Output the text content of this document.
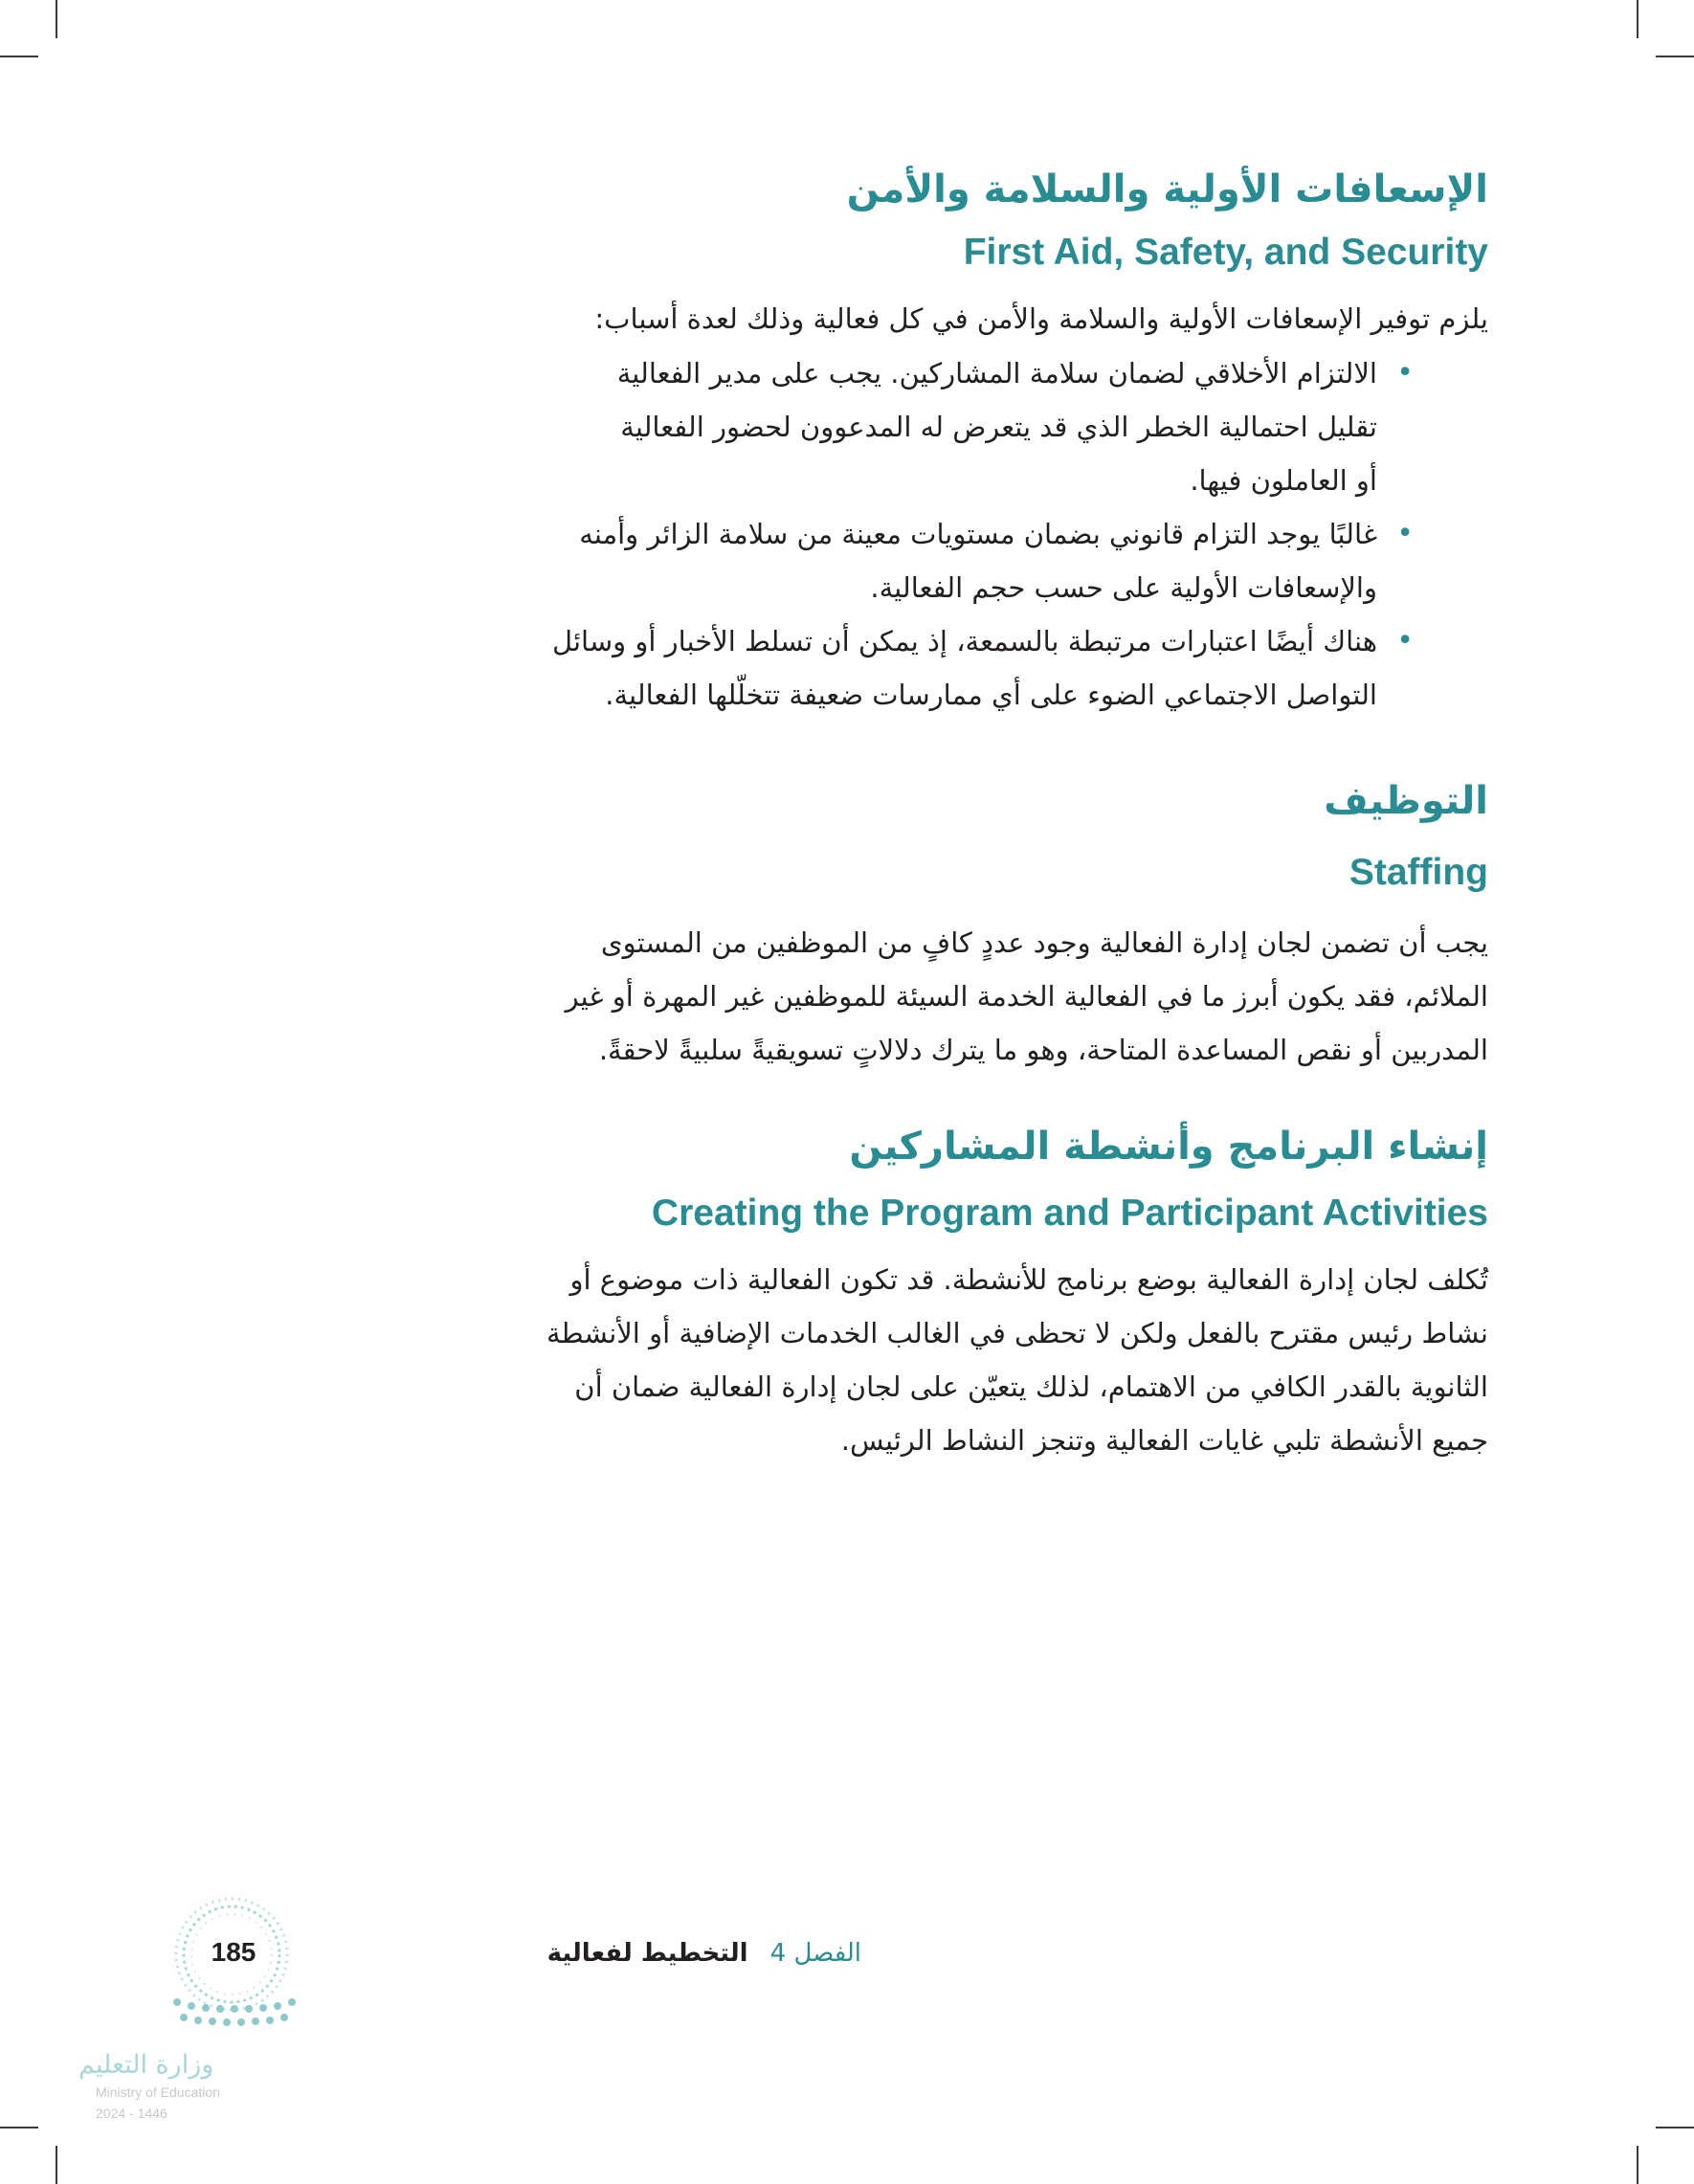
الإسعافات الأولية والسلامة والأمن
First Aid, Safety, and Security

يلزم توفير الإسعافات الأولية والسلامة والأمن في كل فعالية وذلك لعدة أسباب:

•
الالتزام الأخلاقي لضمان سلامة المشاركين. يجب على مدير الفعالية
تقليل احتمالية الخطر الذي قد يتعرض له المدعوون لحضور الفعالية
أو العاملون فيها.
•
غالبًا يوجد التزام قانوني بضمان مستويات معينة من سلامة الزائر وأمنه
والإسعافات الأولية على حسب حجم الفعالية.
•
هناك أيضًا اعتبارات مرتبطة بالسمعة، إذ يمكن أن تسلط الأخبار أو وسائل
التواصل الاجتماعي الضوء على أي ممارسات ضعيفة تتخلّلها الفعالية.
التوظيف
Staffing

يجب أن تضمن لجان إدارة الفعالية وجود عددٍ كافٍ من الموظفين من المستوى

الملائم، فقد يكون أبرز ما في الفعالية الخدمة السيئة للموظفين غير المهرة أو غير

المدربين أو نقص المساعدة المتاحة، وهو ما يترك دلالاتٍ تسويقيةً سلبيةً لاحقةً.

إنشاء البرنامج وأنشطة المشاركين
Creating the Program and Participant Activities

تُكلف لجان إدارة الفعالية بوضع برنامج للأنشطة. قد تكون الفعالية ذات موضوع أو

نشاط رئيس مقترح بالفعل ولكن لا تحظى في الغالب الخدمات الإضافية أو الأنشطة

الثانوية بالقدر الكافي من الاهتمام، لذلك يتعيّن على لجان إدارة الفعالية ضمان أن

جميع الأنشطة تلبي غايات الفعالية وتنجز النشاط الرئيس.

185
وزارة التعليم
Ministry of Education
2024 - 1446
الفصل 4 التخطيط لفعالية
